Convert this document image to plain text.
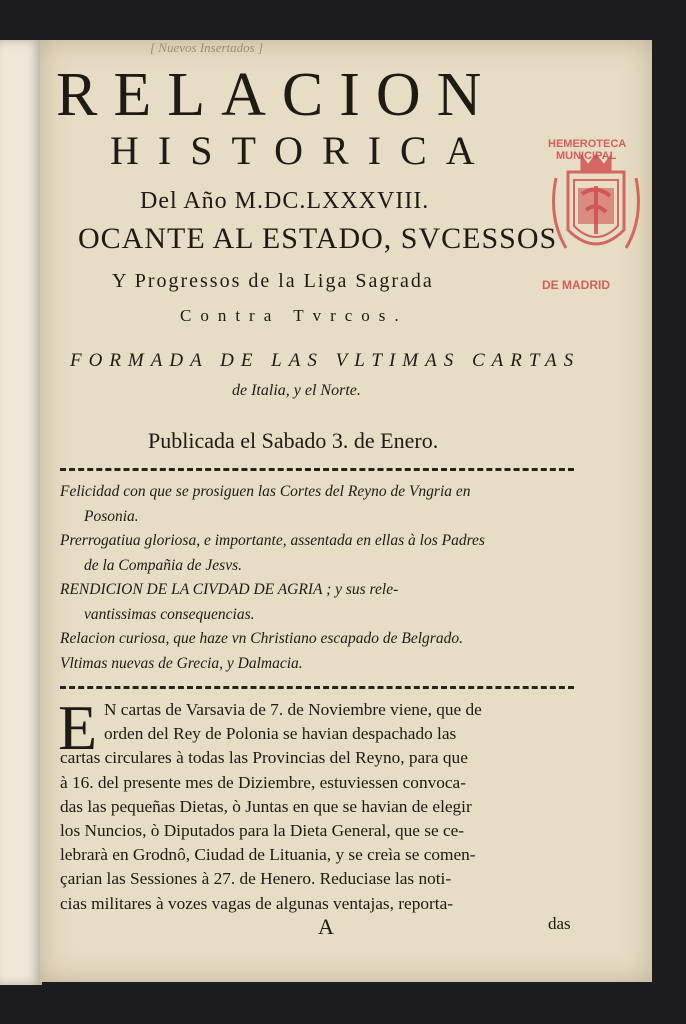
[ Nuevos Insertados ]
RELACION
HISTORICA
Del Año M.DC.LXXXVIII.
OCANTE AL ESTADO, SVCESSOS
Y Progressos de la Liga Sagrada
Contra Tvrcos.
HEMEROTECA
MUNICIPAL
DE MADRID
FORMADA DE LAS VLTIMAS CARTAS
de Italia, y el Norte.
Publicada el Sabado 3. de Enero.
Felicidad con que se prosiguen las Cortes del Reyno de Vngria en
Posonia.
Prerrogatiua gloriosa, e importante, assentada en ellas à los Padres
de la Compañia de Jesvs.
RENDICION DE LA CIVDAD DE AGRIA ; y sus rele-
vantissimas consequencias.
Relacion curiosa, que haze vn Christiano escapado de Belgrado.
Vltimas nuevas de Grecia, y Dalmacia.
E N cartas de Varsavia de 7. de Noviembre viene, que de
orden del Rey de Polonia se havian despachado las
cartas circulares à todas las Provincias del Reyno, para que
à 16. del presente mes de Diziembre, estuviessen convoca-
das las pequeñas Dietas, ò Juntas en que se havian de elegir
los Nuncios, ò Diputados para la Dieta General, que se ce-
lebrarà en Grodnô, Ciudad de Lituania, y se creìa se comen-
çarian las Sessiones à 27. de Henero. Reduciase las noti-
cias militares à vozes vagas de algunas ventajas, reporta-
A	das
